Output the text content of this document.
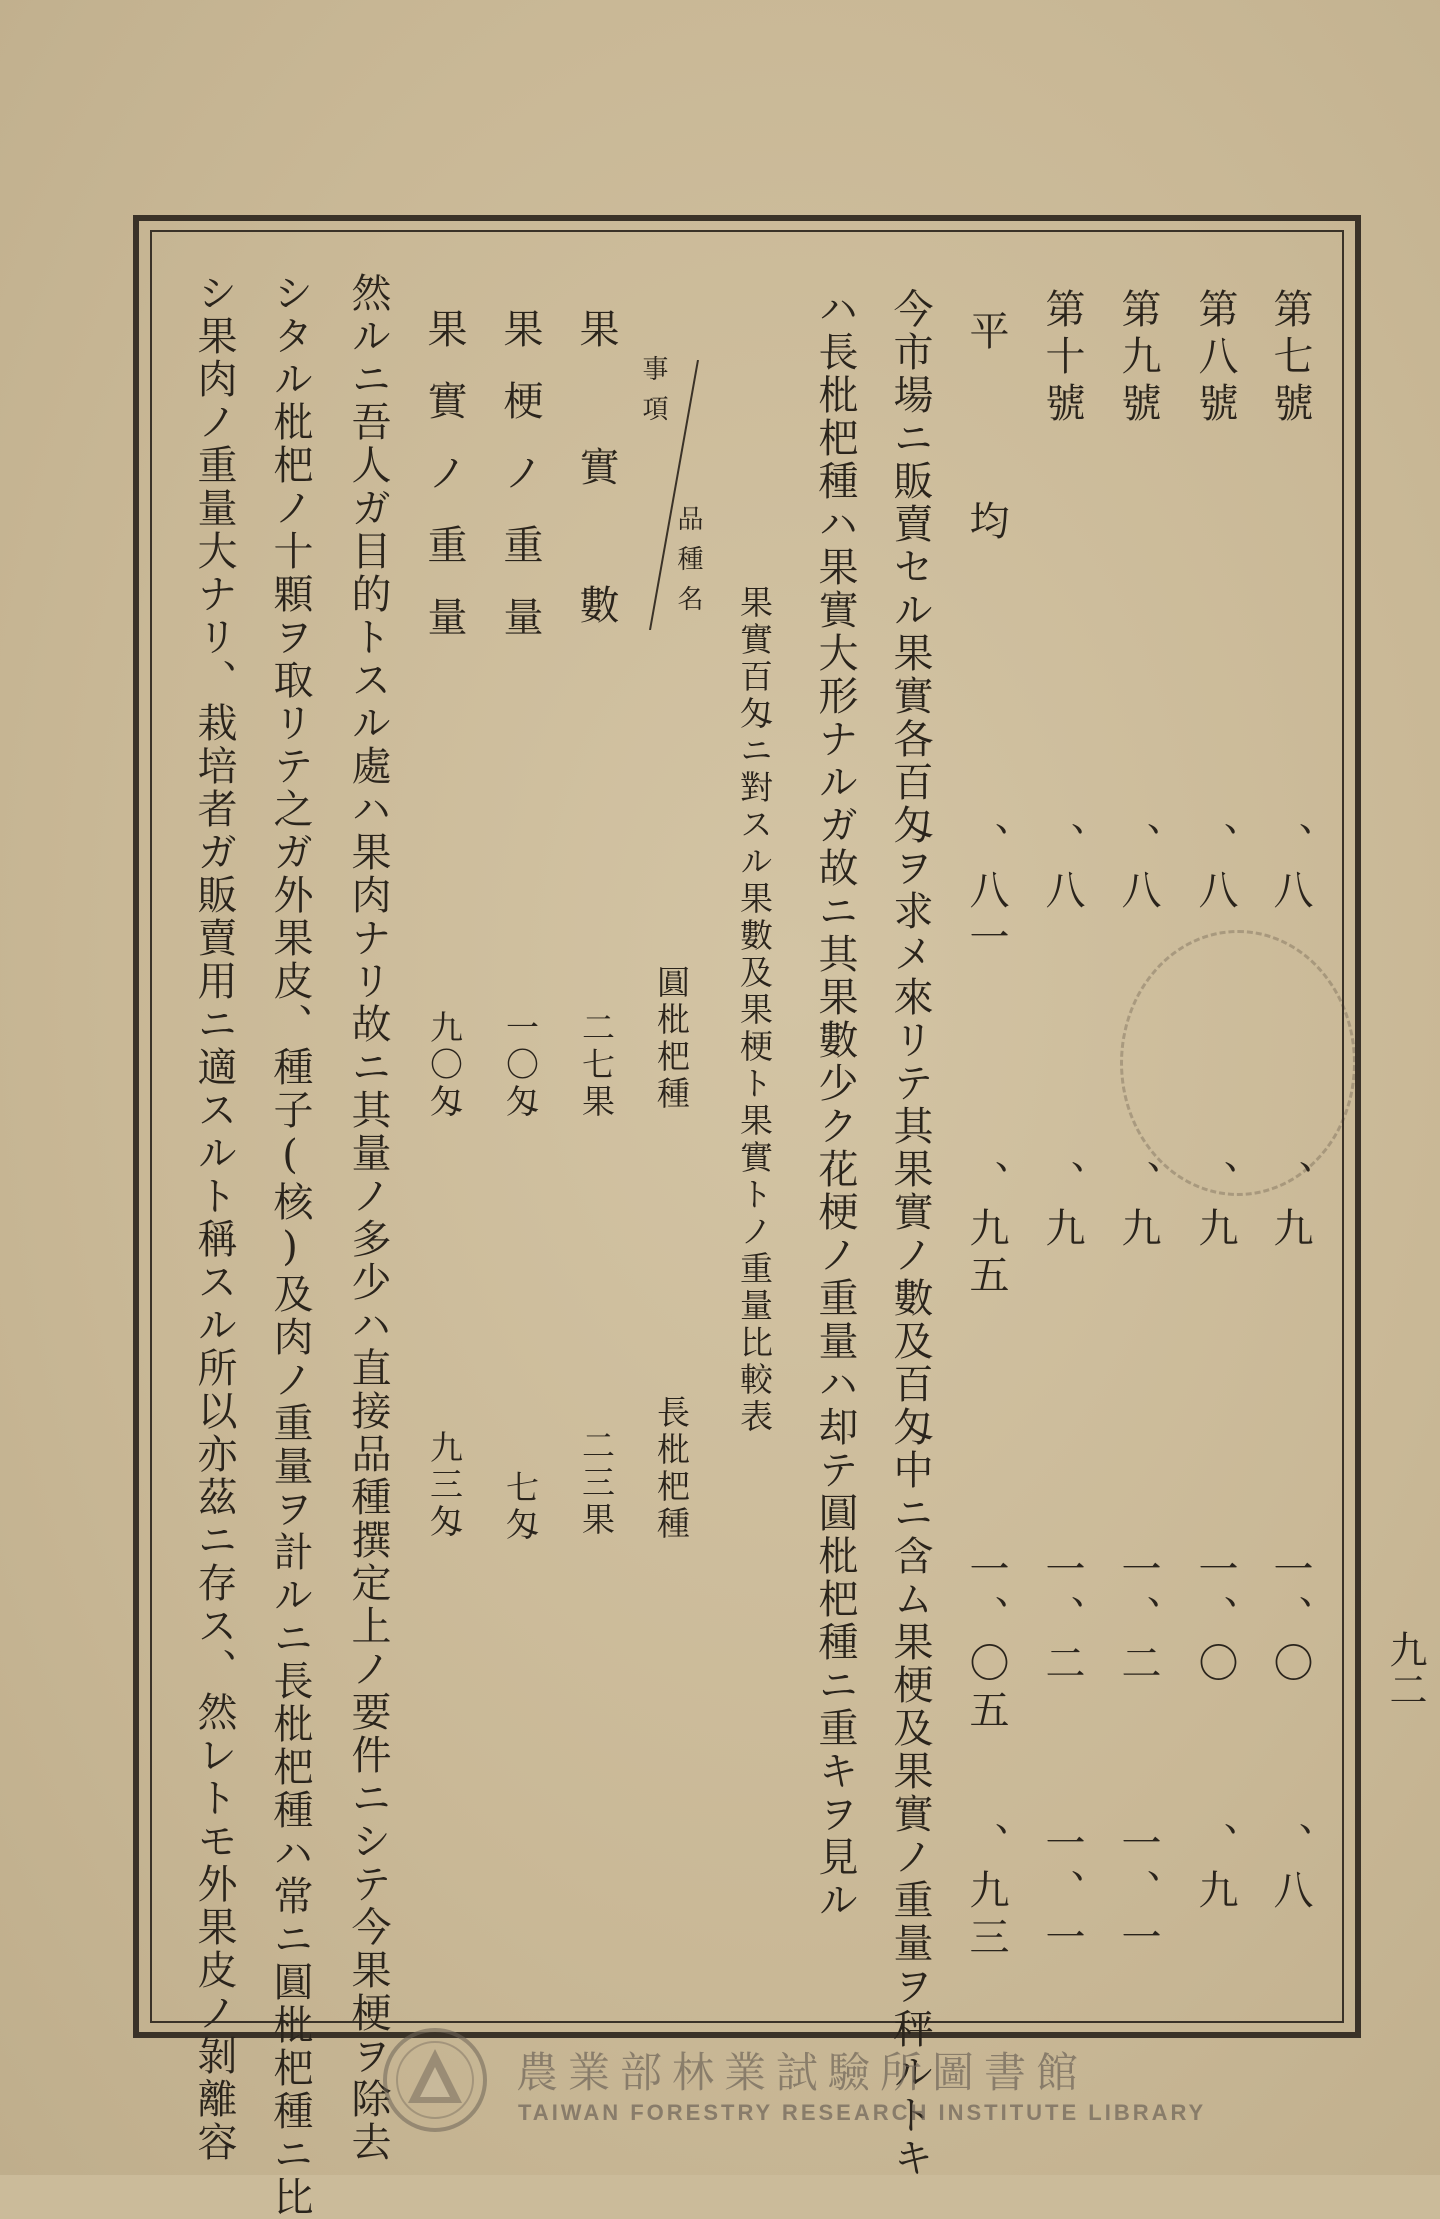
九二
第七號
、八
、九
一、〇
、八
第八號
、八
、九
一、〇
、九
第九號
、八
、九
一、二
一、一
第十號
、八
、九
一、二
一、一
平均
、八一
、九五
一、〇五
、九三
今市場ニ販賣セル果實各百匁ヲ求メ來リテ其果實ノ數及百匁中ニ含ム果梗及果實ノ重量ヲ秤ルトキ
ハ長枇杷種ハ果實大形ナルガ故ニ其果數少ク花梗ノ重量ハ却テ圓枇杷種ニ重キヲ見ル
果實百匁ニ對スル果數及果梗ト果實トノ重量比較表
品種名
事項
圓枇杷種
長枇杷種
果實數
二七果
二三果
果梗ノ重量
一〇匁
七匁
果實ノ重量
九〇匁
九三匁
然ルニ吾人ガ目的トスル處ハ果肉ナリ故ニ其量ノ多少ハ直接品種撰定上ノ要件ニシテ今果梗ヲ除去
シタル枇杷ノ十顆ヲ取リテ之ガ外果皮、種子(核)及肉ノ重量ヲ計ルニ長枇杷種ハ常ニ圓枇杷種ニ比
シ果肉ノ重量大ナリ、栽培者ガ販賣用ニ適スルト稱スル所以亦茲ニ存ス、然レトモ外果皮ノ剝離容	農業部林業試驗所圖書館
TAIWAN FORESTRY RESEARCH INSTITUTE LIBRARY
